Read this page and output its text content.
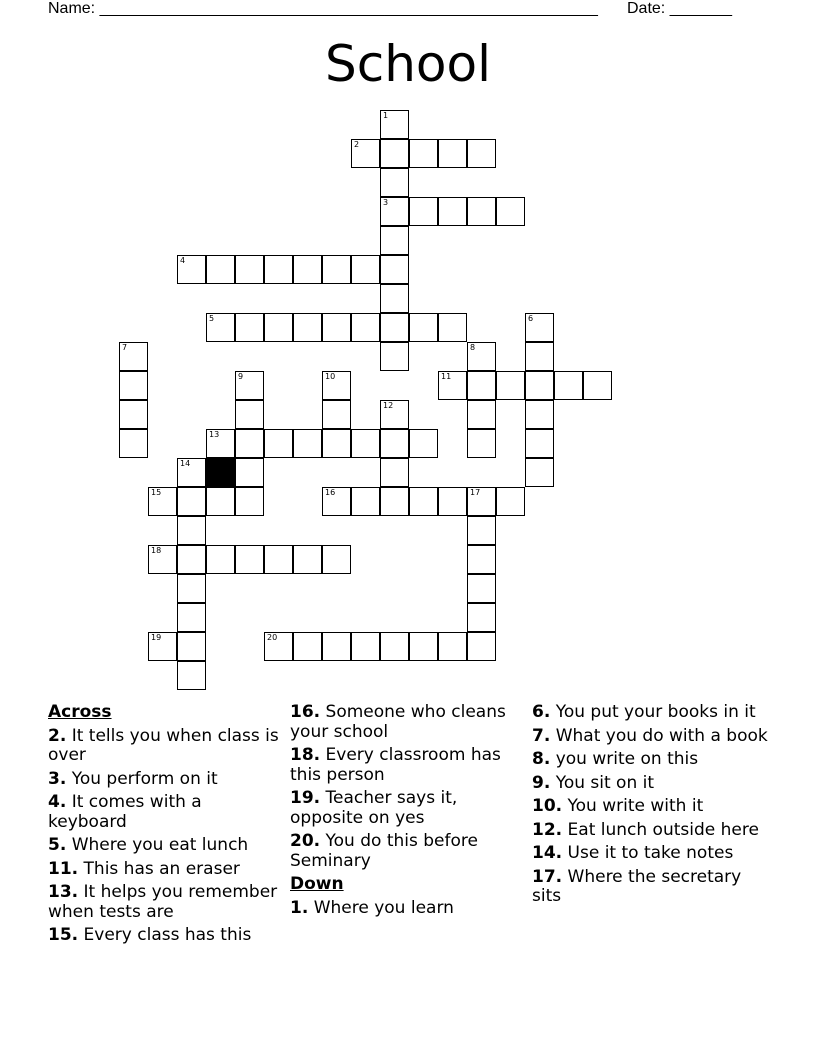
Name: ________________________________________________________ Date: _______
School
1
2
3
4
5	6
7	8
9	10	11
12
13
14
15	16	17
18
19	20
Across
2. It tells you when class is over
3. You perform on it
4. It comes with a keyboard
5. Where you eat lunch
11. This has an eraser
13. It helps you remember when tests are
15. Every class has this
16. Someone who cleans your school
18. Every classroom has this person
19. Teacher says it, opposite on yes
20. You do this before Seminary
Down
1. Where you learn
6. You put your books in it
7. What you do with a book
8. you write on this
9. You sit on it
10. You write with it
12. Eat lunch outside here
14. Use it to take notes
17. Where the secretary sits
